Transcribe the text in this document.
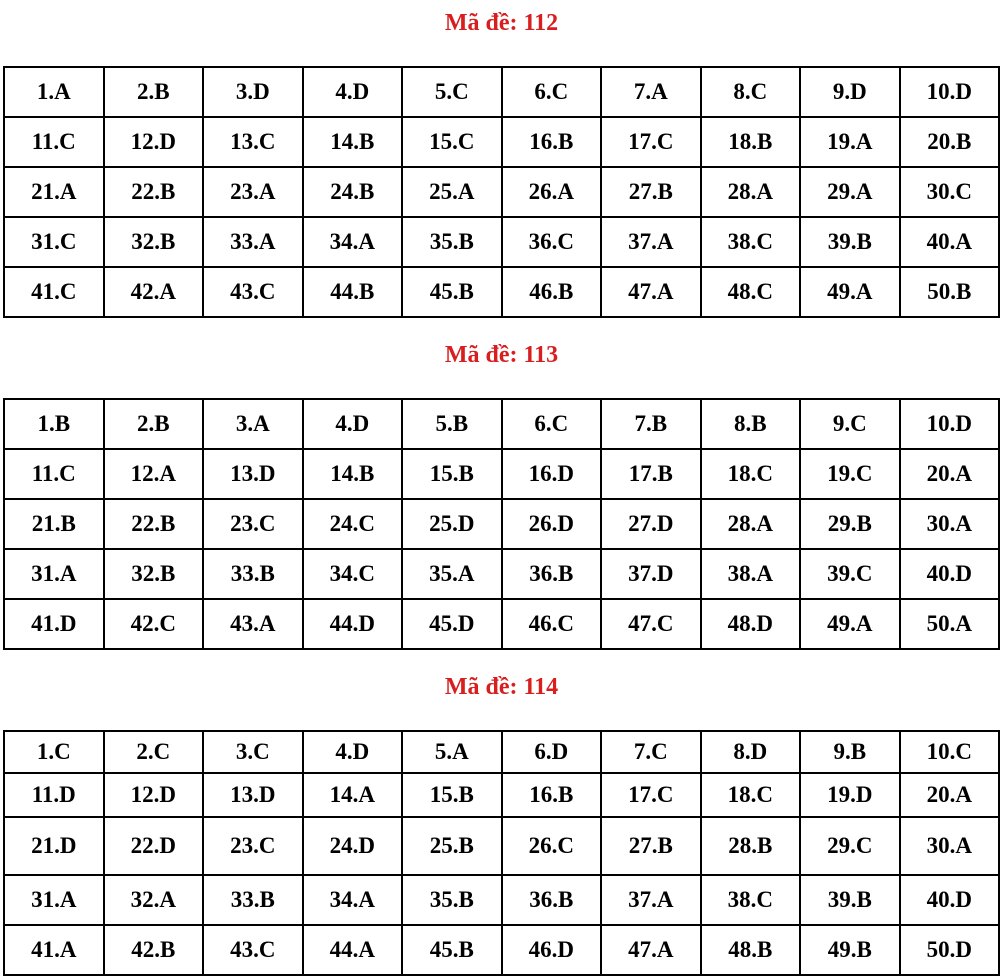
Mã đề: 112
1.A	2.B	3.D	4.D	5.C	6.C	7.A	8.C	9.D	10.D
11.C	12.D	13.C	14.B	15.C	16.B	17.C	18.B	19.A	20.B
21.A	22.B	23.A	24.B	25.A	26.A	27.B	28.A	29.A	30.C
31.C	32.B	33.A	34.A	35.B	36.C	37.A	38.C	39.B	40.A
41.C	42.A	43.C	44.B	45.B	46.B	47.A	48.C	49.A	50.B
Mã đề: 113
1.B	2.B	3.A	4.D	5.B	6.C	7.B	8.B	9.C	10.D
11.C	12.A	13.D	14.B	15.B	16.D	17.B	18.C	19.C	20.A
21.B	22.B	23.C	24.C	25.D	26.D	27.D	28.A	29.B	30.A
31.A	32.B	33.B	34.C	35.A	36.B	37.D	38.A	39.C	40.D
41.D	42.C	43.A	44.D	45.D	46.C	47.C	48.D	49.A	50.A
Mã đề: 114
1.C	2.C	3.C	4.D	5.A	6.D	7.C	8.D	9.B	10.C
11.D	12.D	13.D	14.A	15.B	16.B	17.C	18.C	19.D	20.A
21.D	22.D	23.C	24.D	25.B	26.C	27.B	28.B	29.C	30.A
31.A	32.A	33.B	34.A	35.B	36.B	37.A	38.C	39.B	40.D
41.A	42.B	43.C	44.A	45.B	46.D	47.A	48.B	49.B	50.D
